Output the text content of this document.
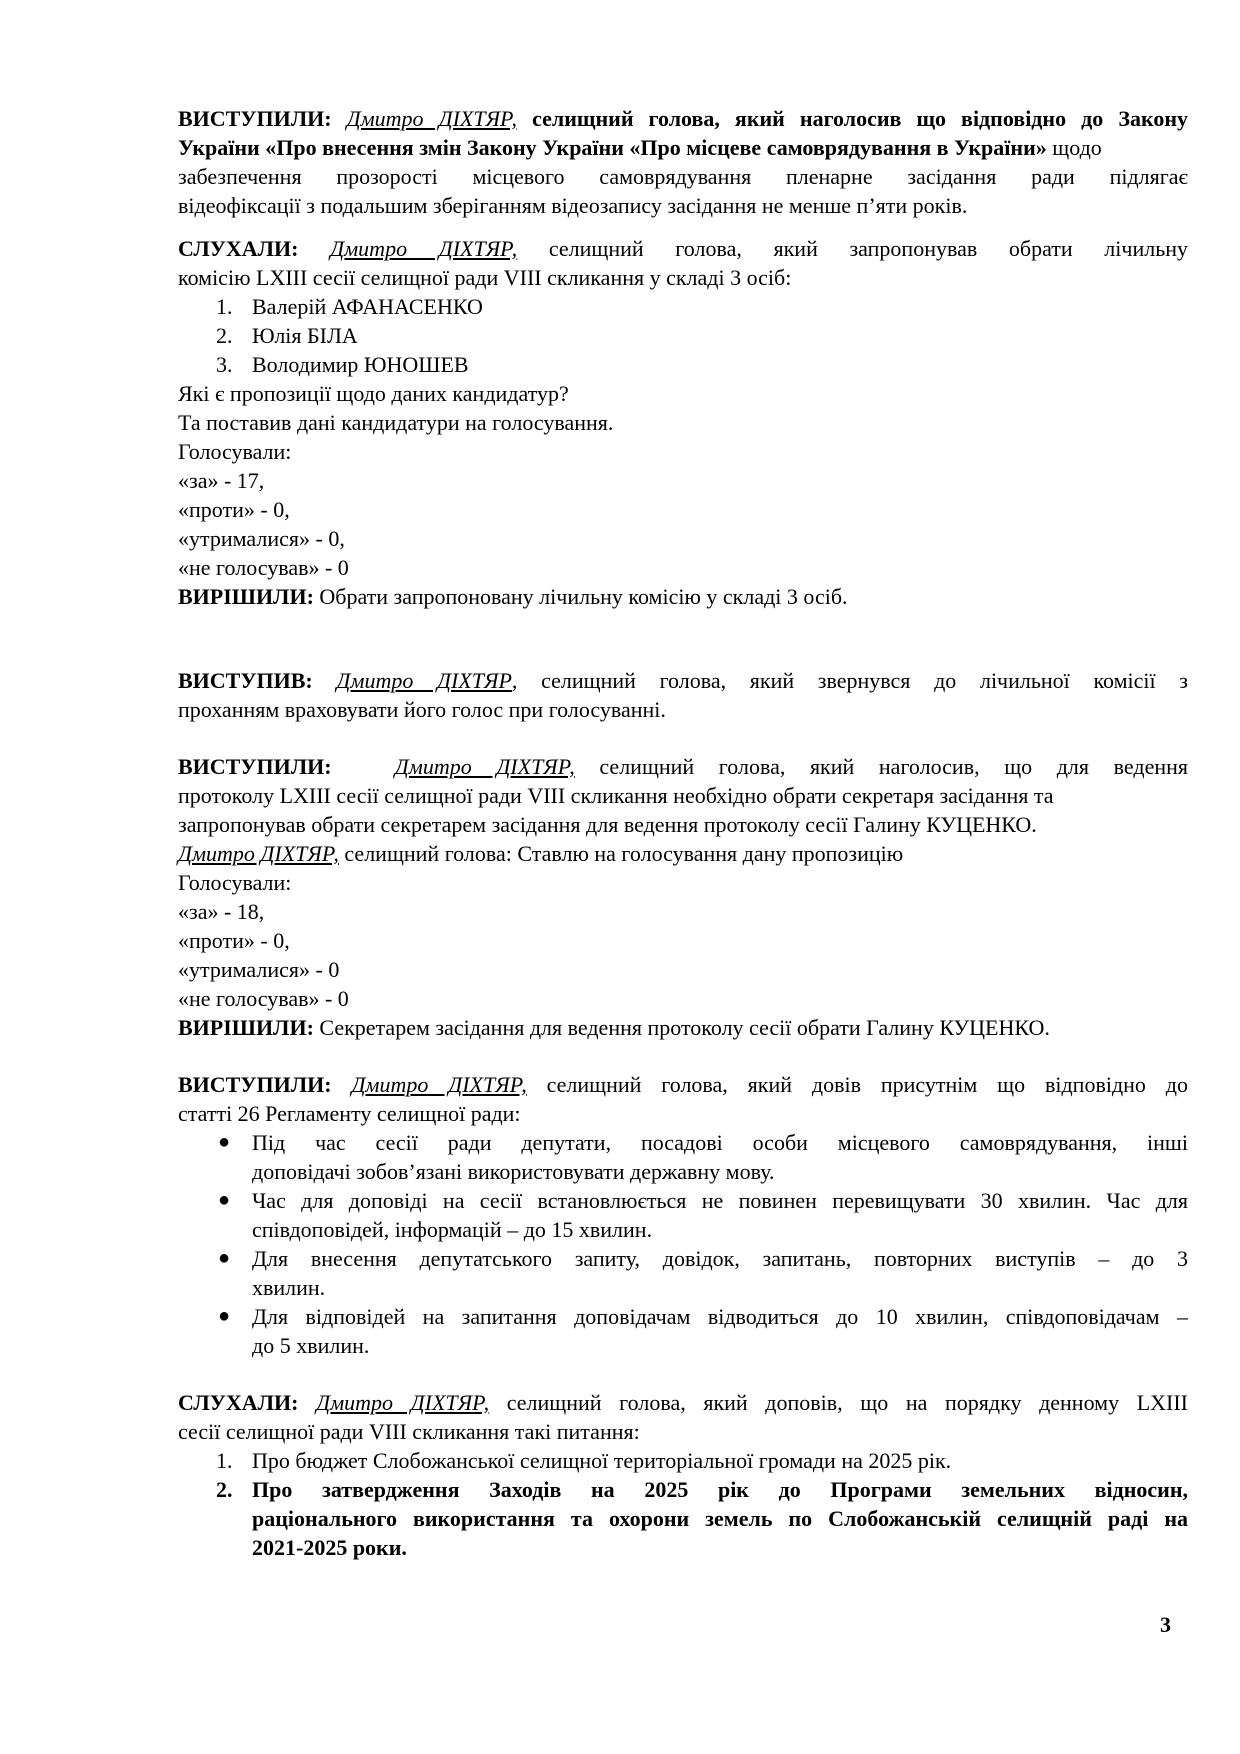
ВИСТУПИЛИ: Дмитро ДІХТЯР, селищний голова, який наголосив що відповідно до Закону
України «Про внесення змін Закону України «Про місцеве самоврядування в України» щодо
забезпечення прозорості місцевого самоврядування пленарне засідання ради підлягає
відеофіксації з подальшим зберіганням відеозапису засідання не менше п’яти років.
СЛУХАЛИ: Дмитро ДІХТЯР, селищний голова, який запропонував обрати лічильну
комісію LXIII сесії селищної ради VIII скликання у складі 3 осіб:
1. Валерій АФАНАСЕНКО
2. Юлія БІЛА
3. Володимир ЮНОШЕВ
Які є пропозиції щодо даних кандидатур?
Та поставив дані кандидатури на голосування.
Голосували:
«за» - 17,
«проти» - 0,
«утрималися» - 0,
«не голосував» - 0
ВИРІШИЛИ: Обрати запропоновану лічильну комісію у складі 3 осіб.
ВИСТУПИВ: Дмитро ДІХТЯР, селищний голова, який звернувся до лічильної комісії з
проханням враховувати його голос при голосуванні.
ВИСТУПИЛИ:	Дмитро ДІХТЯР, селищний голова, який наголосив, що для ведення
протоколу LXIII сесії селищної ради VIII скликання необхідно обрати секретаря засідання та
запропонував обрати секретарем засідання для ведення протоколу сесії Галину КУЦЕНКО.
Дмитро ДІХТЯР, селищний голова: Ставлю на голосування дану пропозицію
Голосували:
«за» - 18,
«проти» - 0,
«утрималися» - 0
«не голосував» - 0
ВИРІШИЛИ: Секретарем засідання для ведення протоколу сесії обрати Галину КУЦЕНКО.
ВИСТУПИЛИ: Дмитро ДІХТЯР, селищний голова, який довів присутнім що відповідно до
статті 26 Регламенту селищної ради:
● Під час сесії ради депутати, посадові особи місцевого самоврядування, інші
доповідачі зобов’язані використовувати державну мову.
● Час для доповіді на сесії встановлюється не повинен перевищувати 30 хвилин. Час для
співдоповідей, інформацій – до 15 хвилин.
● Для внесення депутатського запиту, довідок, запитань, повторних виступів – до 3
хвилин.
● Для відповідей на запитання доповідачам відводиться до 10 хвилин, співдоповідачам –
до 5 хвилин.
СЛУХАЛИ: Дмитро ДІХТЯР, селищний голова, який доповів, що на порядку денному LXIII
сесії селищної ради VIII скликання такі питання:
1. Про бюджет Слобожанської селищної територіальної громади на 2025 рік.
2. Про затвердження Заходів на 2025 рік до Програми земельних відносин,
раціонального використання та охорони земель по Слобожанській селищній раді на
2021-2025 роки.
3
